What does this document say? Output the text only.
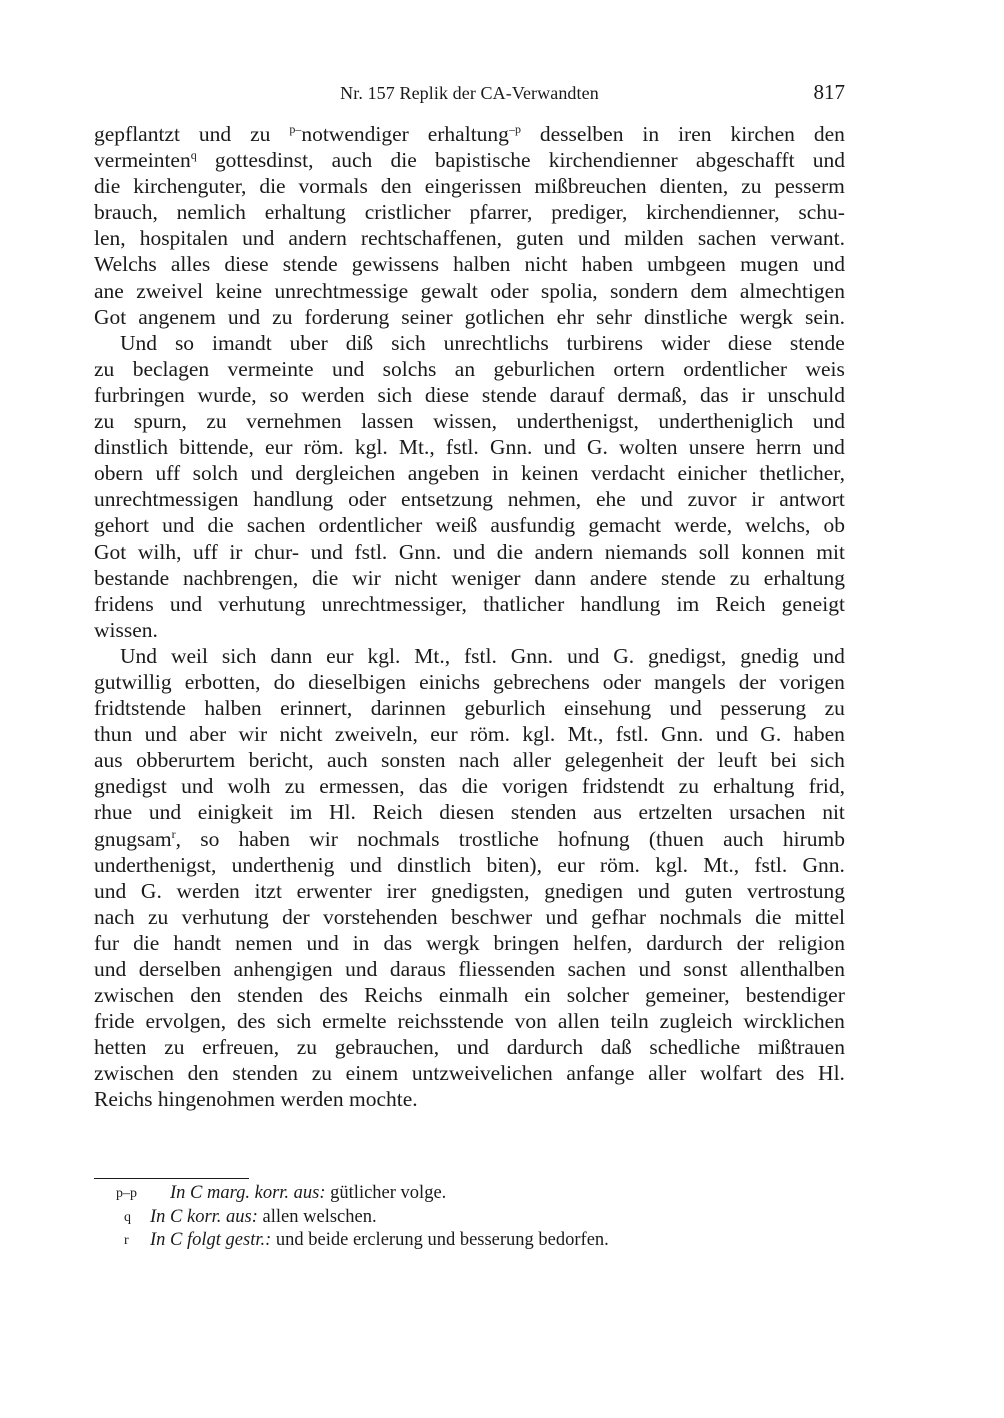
Nr. 157 Replik der CA-Verwandten	817
gepflantzt und zu p–notwendiger erhaltung–p desselben in iren kirchen den
vermeintenq gottesdinst, auch die bapistische kirchendienner abgeschafft und
die kirchenguter, die vormals den eingerissen mißbreuchen dienten, zu pesserm
brauch, nemlich erhaltung cristlicher pfarrer, prediger, kirchendienner, schu-
len, hospitalen und andern rechtschaffenen, guten und milden sachen verwant.
Welchs alles diese stende gewissens halben nicht haben umbgeen mugen und
ane zweivel keine unrechtmessige gewalt oder spolia, sondern dem almechtigen
Got angenem und zu forderung seiner gotlichen ehr sehr dinstliche wergk sein.
Und so imandt uber diß sich unrechtlichs turbirens wider diese stende
zu beclagen vermeinte und solchs an geburlichen ortern ordentlicher weis
furbringen wurde, so werden sich diese stende darauf dermaß, das ir unschuld
zu spurn, zu vernehmen lassen wissen, underthenigst, undertheniglich und
dinstlich bittende, eur röm. kgl. Mt., fstl. Gnn. und G. wolten unsere herrn und
obern uff solch und dergleichen angeben in keinen verdacht einicher thetlicher,
unrechtmessigen handlung oder entsetzung nehmen, ehe und zuvor ir antwort
gehort und die sachen ordentlicher weiß ausfundig gemacht werde, welchs, ob
Got wilh, uff ir chur- und fstl. Gnn. und die andern niemands soll konnen mit
bestande nachbrengen, die wir nicht weniger dann andere stende zu erhaltung
fridens und verhutung unrechtmessiger, thatlicher handlung im Reich geneigt
wissen.

Und weil sich dann eur kgl. Mt., fstl. Gnn. und G. gnedigst, gnedig und
gutwillig erbotten, do dieselbigen einichs gebrechens oder mangels der vorigen
fridtstende halben erinnert, darinnen geburlich einsehung und pesserung zu
thun und aber wir nicht zweiveln, eur röm. kgl. Mt., fstl. Gnn. und G. haben
aus obberurtem bericht, auch sonsten nach aller gelegenheit der leuft bei sich
gnedigst und wolh zu ermessen, das die vorigen fridstendt zu erhaltung frid,
rhue und einigkeit im Hl. Reich diesen stenden aus ertzelten ursachen nit
gnugsamr, so haben wir nochmals trostliche hofnung (thuen auch hirumb
underthenigst, underthenig und dinstlich biten), eur röm. kgl. Mt., fstl. Gnn.
und G. werden itzt erwenter irer gnedigsten, gnedigen und guten vertrostung
nach zu verhutung der vorstehenden beschwer und gefhar nochmals die mittel
fur die handt nemen und in das wergk bringen helfen, dardurch der religion
und derselben anhengigen und daraus fliessenden sachen und sonst allenthalben
zwischen den stenden des Reichs einmalh ein solcher gemeiner, bestendiger
fride ervolgen, des sich ermelte reichsstende von allen teiln zugleich wircklichen
hetten zu erfreuen, zu gebrauchen, und dardurch daß schedliche mißtrauen
zwischen den stenden zu einem untzweivelichen anfange aller wolfart des Hl.
Reichs
hingenohmen
werden
mochte.

p–p	In C marg. korr. aus: gütlicher volge.
q	In C korr. aus: allen welschen.
r	In C folgt gestr.: und beide erclerung und besserung bedorfen.
